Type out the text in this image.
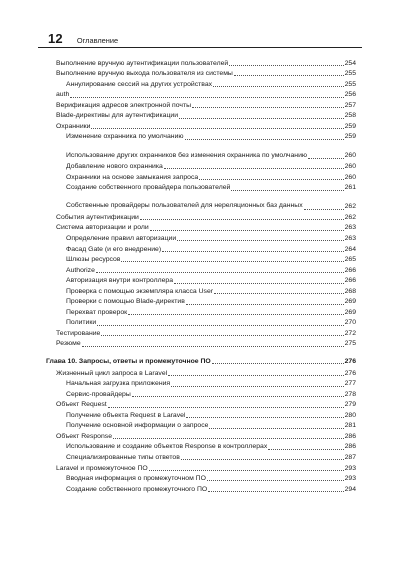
12 Оглавление
Выполнение вручную аутентификации пользователей	254
Выполнение вручную выхода пользователя из системы	255
Аннулирование сессий на других устройствах	255
auth	256
Верификация адресов электронной почты	257
Blade-директивы для аутентификации	258
Охранники	259
Изменение охранника по умолчанию	259
Использование других охранников без изменения охранника по умолчанию	260
Добавление нового охранника	260
Охранники на основе замыкания запроса	260
Создание собственного провайдера пользователей	261
Собственные провайдеры пользователей для нереляционных баз данных	262
События аутентификации	262
Система авторизации и роли	263
Определение правил авторизации	263
Фасад Gate (и его внедрение)	264
Шлюзы ресурсов	265
Authorize	266
Авторизация внутри контроллера	266
Проверка с помощью экземпляра класса User	268
Проверки с помощью Blade-директив	269
Перехват проверок	269
Политики	270
Тестирование	272
Резюме	275
Глава 10. Запросы, ответы и промежуточное ПО	276
Жизненный цикл запроса в Laravel	276
Начальная загрузка приложения	277
Сервис-провайдеры	278
Объект Request	279
Получение объекта Request в Laravel	280
Получение основной информации о запросе	281
Объект Response	286
Использование и создание объектов Response в контроллерах	286
Специализированные типы ответов	287
Laravel и промежуточное ПО	293
Вводная информация о промежуточном ПО	293
Создание собственного промежуточного ПО	294
